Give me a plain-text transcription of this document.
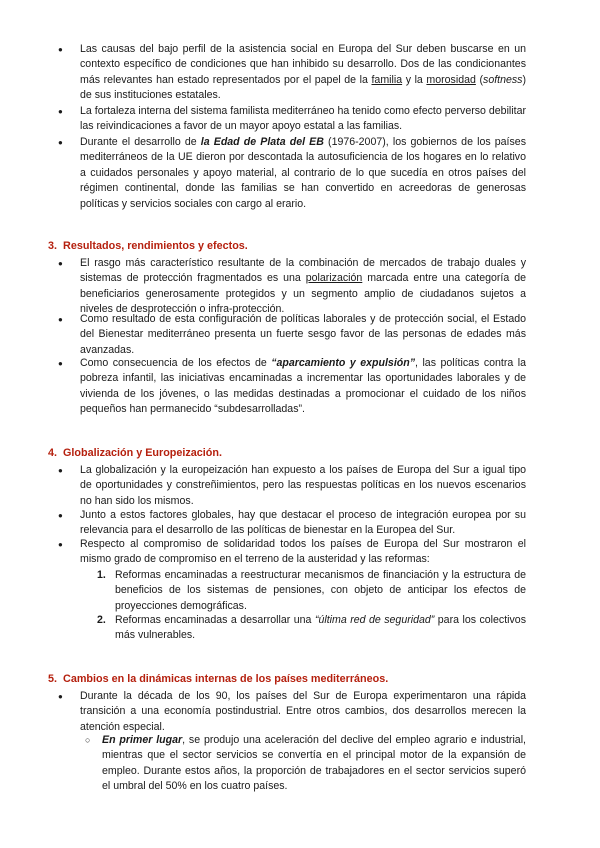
● Las causas del bajo perfil de la asistencia social en Europa del Sur deben buscarse en un contexto específico de condiciones que han inhibido su desarrollo. Dos de las condicionantes más relevantes han estado representados por el papel de la familia y la morosidad (softness) de sus instituciones estatales.
● La fortaleza interna del sistema familista mediterráneo ha tenido como efecto perverso debilitar las reivindicaciones a favor de un mayor apoyo estatal a las familias.
● Durante el desarrollo de la Edad de Plata del EB (1976-2007), los gobiernos de los países mediterráneos de la UE dieron por descontada la autosuficiencia de los hogares en lo relativo a cuidados personales y apoyo material, al contrario de lo que sucedía en otros países del régimen continental, donde las familias se han convertido en acreedoras de generosas políticas y servicios sociales con cargo al erario.
3. Resultados, rendimientos y efectos.
● El rasgo más característico resultante de la combinación de mercados de trabajo duales y sistemas de protección fragmentados es una polarización marcada entre una categoría de beneficiarios generosamente protegidos y un segmento amplio de ciudadanos sujetos a niveles de desprotección o infra-protección.
● Como resultado de esta configuración de políticas laborales y de protección social, el Estado del Bienestar mediterráneo presenta un fuerte sesgo favor de las personas de edades más avanzadas.
● Como consecuencia de los efectos de “aparcamiento y expulsión”, las políticas contra la pobreza infantil, las iniciativas encaminadas a incrementar las oportunidades laborales y de vivienda de los jóvenes, o las medidas destinadas a promocionar el cuidado de los niños pequeños han permanecido “subdesarrolladas”.
4. Globalización y Europeización.
● La globalización y la europeización han expuesto a los países de Europa del Sur a igual tipo de oportunidades y constreñimientos, pero las respuestas políticas en los nuevos escenarios no han sido los mismos.
● Junto a estos factores globales, hay que destacar el proceso de integración europea por su relevancia para el desarrollo de las políticas de bienestar en la Europea del Sur.
● Respecto al compromiso de solidaridad todos los países de Europa del Sur mostraron el mismo grado de compromiso en el terreno de la austeridad y las reformas:
1. Reformas encaminadas a reestructurar mecanismos de financiación y la estructura de beneficios de los sistemas de pensiones, con objeto de anticipar los efectos de proyecciones demográficas.
2. Reformas encaminadas a desarrollar una “última red de seguridad” para los colectivos más vulnerables.
5. Cambios en la dinámicas internas de los países mediterráneos.
● Durante la década de los 90, los países del Sur de Europa experimentaron una rápida transición a una economía postindustrial. Entre otros cambios, dos desarrollos merecen la atención especial.
○ En primer lugar, se produjo una aceleración del declive del empleo agrario e industrial, mientras que el sector servicios se convertía en el principal motor de la expansión de empleo. Durante estos años, la proporción de trabajadores en el sector servicios superó el umbral del 50% en los cuatro países.
